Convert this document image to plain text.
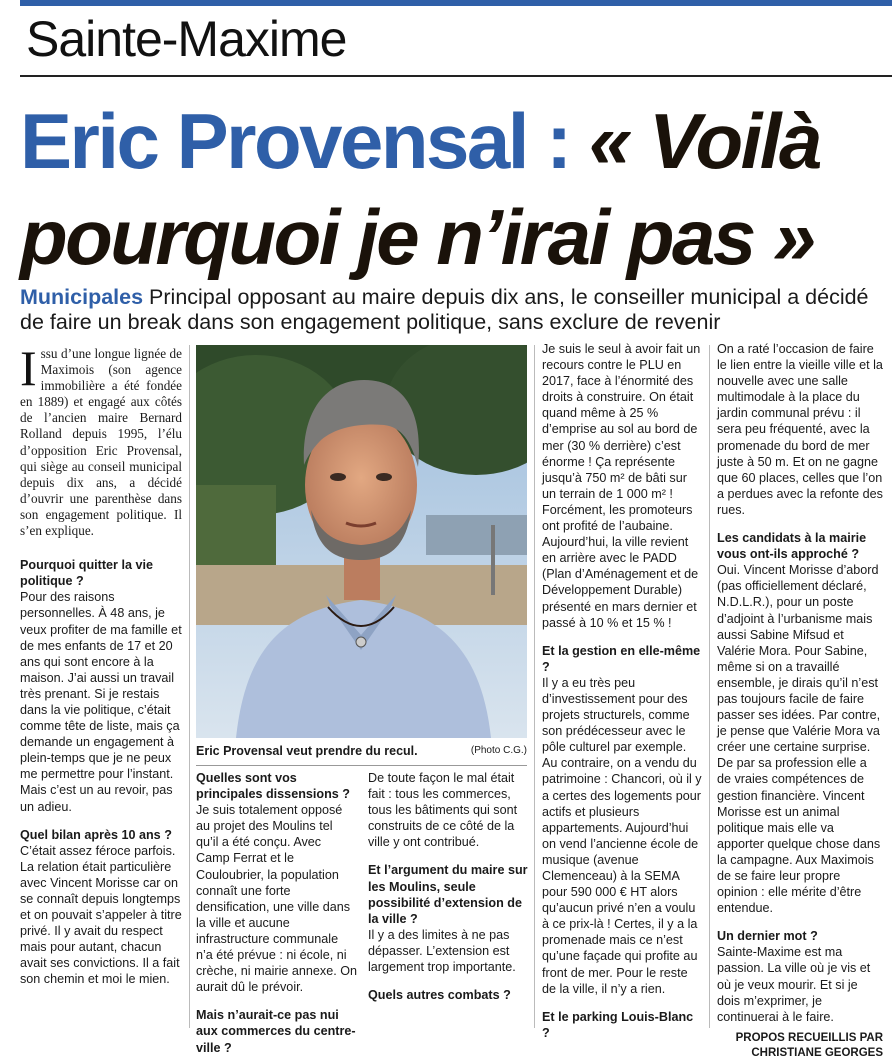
Sainte-Maxime
Eric Provensal : « Voilà pourquoi je n’irai pas »
Municipales Principal opposant au maire depuis dix ans, le conseiller municipal a décidé de faire un break dans son engagement politique, sans exclure de revenir

Issu d’une longue lignée de Maximois (son agence immobilière a été fondée en 1889) et engagé aux côtés de l’ancien maire Bernard Rolland depuis 1995, l’élu d’opposition Eric Provensal, qui siège au conseil municipal depuis dix ans, a décidé d’ouvrir une parenthèse dans son engagement politique. Il s’en explique.

Pourquoi quitter la vie politique ?

Pour des raisons personnelles. À 48 ans, je veux profiter de ma famille et de mes enfants de 17 et 20 ans qui sont encore à la maison. J’ai aussi un travail très prenant. Si je restais dans la vie politique, c’était comme tête de liste, mais ça demande un engagement à plein-temps que je ne peux me permettre pour l’instant. Mais c’est un au revoir, pas un adieu.

Quel bilan après 10 ans ?

C’était assez féroce parfois. La relation était particulière avec Vincent Morisse car on se connaît depuis longtemps et on pouvait s’appeler à titre privé. Il y avait du respect mais pour autant, chacun avait ses convictions. Il a fait son chemin et moi le mien.

Eric Provensal veut prendre du recul.	(Photo C.G.)

Quelles sont vos principales dissensions ?

Je suis totalement opposé au projet des Moulins tel qu’il a été conçu. Avec Camp Ferrat et le Couloubrier, la population connaît une forte densification, une ville dans la ville et aucune infrastructure communale n’a été prévue : ni école, ni crèche, ni mairie annexe. On aurait dû le prévoir.

Mais n’aurait-ce pas nui aux commerces du centre-ville ?

De toute façon le mal était fait : tous les commerces, tous les bâtiments qui sont construits de ce côté de la ville y ont contribué.

Et l’argument du maire sur les Moulins, seule possibilité d’extension de la ville ?

Il y a des limites à ne pas dépasser. L’extension est largement trop importante.

Quels autres combats ?

Je suis le seul à avoir fait un recours contre le PLU en 2017, face à l’énormité des droits à construire. On était quand même à 25 % d’emprise au sol au bord de mer (30 % derrière) c’est énorme ! Ça représente jusqu’à 750 m² de bâti sur un terrain de 1 000 m² ! Forcément, les promoteurs ont profité de l’aubaine. Aujourd’hui, la ville revient en arrière avec le PADD (Plan d’Aménagement et de Développement Durable) présenté en mars dernier et passé à 10 % et 15 % !

Et la gestion en elle-même ?

Il y a eu très peu d’investissement pour des projets structurels, comme son prédécesseur avec le pôle culturel par exemple. Au contraire, on a vendu du patrimoine : Chancori, où il y a certes des logements pour actifs et plusieurs appartements. Aujourd’hui on vend l’ancienne école de musique (avenue Clemenceau) à la SEMA pour 590 000 € HT alors qu’aucun privé n’en a voulu à ce prix-là ! Certes, il y a la promenade mais ce n’est qu’une façade qui profite au front de mer. Pour le reste de la ville, il n’y a rien.

Et le parking Louis-Blanc ?

On a raté l’occasion de faire le lien entre la vieille ville et la nouvelle avec une salle multimodale à la place du jardin communal prévu : il sera peu fréquenté, avec la promenade du bord de mer juste à 50 m. Et on ne gagne que 60 places, celles que l’on a perdues avec la refonte des rues.

Les candidats à la mairie vous ont-ils approché ?

Oui. Vincent Morisse d’abord (pas officiellement déclaré, N.D.L.R.), pour un poste d’adjoint à l’urbanisme mais aussi Sabine Mifsud et Valérie Mora. Pour Sabine, même si on a travaillé ensemble, je dirais qu’il n’est pas toujours facile de faire passer ses idées. Par contre, je pense que Valérie Mora va créer une certaine surprise. De par sa profession elle a de vraies compétences de gestion financière. Vincent Morisse est un animal politique mais elle va apporter quelque chose dans la campagne. Aux Maximois de se faire leur propre opinion : elle mérite d’être entendue.

Un dernier mot ?

Sainte-Maxime est ma passion. La ville où je vis et où je veux mourir. Et si je dois m’exprimer, je continuerai à le faire.

PROPOS RECUEILLIS PAR
CHRISTIANE GEORGES
